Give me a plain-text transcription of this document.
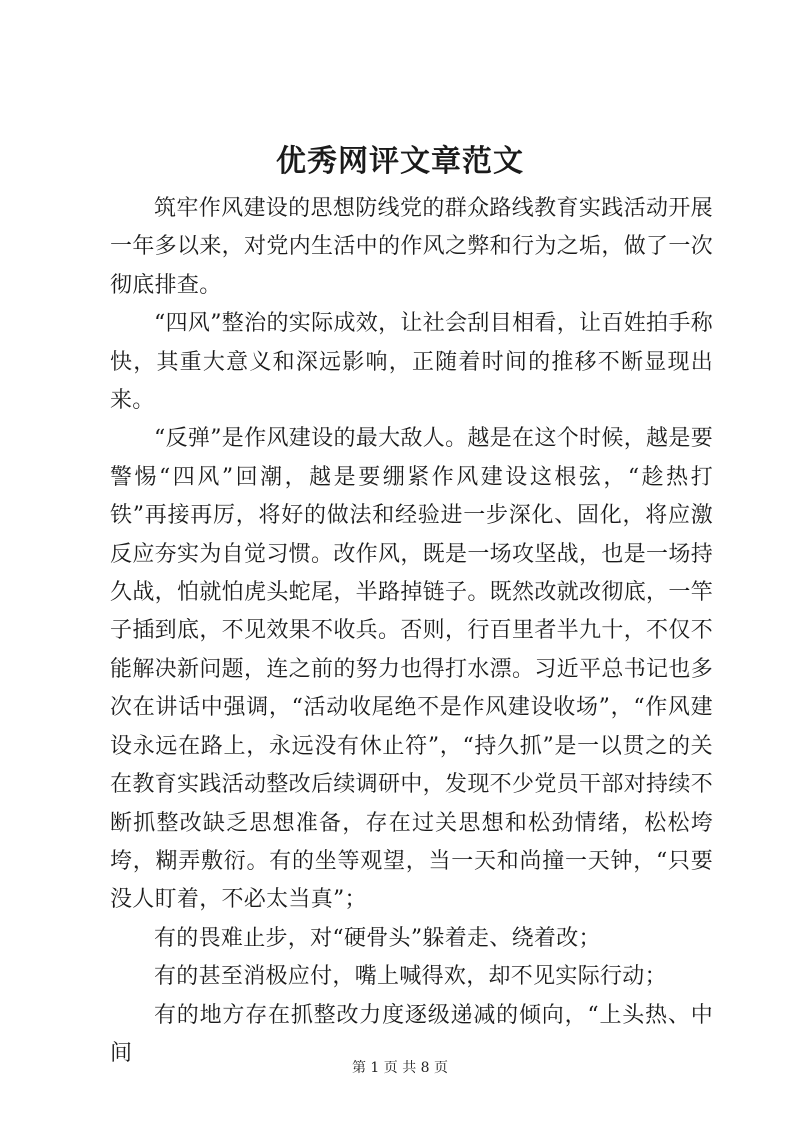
优秀网评文章范文

筑牢作风建设的思想防线党的群众路线教育实践活动开展一年多以来，对党内生活中的作风之弊和行为之垢，做了一次彻底排查。

“四风”整治的实际成效，让社会刮目相看，让百姓拍手称快，其重大意义和深远影响，正随着时间的推移不断显现出来。

“反弹”是作风建设的最大敌人。越是在这个时候，越是要警惕“四风”回潮，越是要绷紧作风建设这根弦，“趁热打铁”再接再厉，将好的做法和经验进一步深化、固化，将应激反应夯实为自觉习惯。改作风，既是一场攻坚战，也是一场持久战，怕就怕虎头蛇尾，半路掉链子。既然改就改彻底，一竿子插到底，不见效果不收兵。否则，行百里者半九十，不仅不能解决新问题，连之前的努力也得打水漂。习近平总书记也多次在讲话中强调，“活动收尾绝不是作风建设收场”，“作风建设永远在路上，永远没有休止符”，“持久抓”是一以贯之的关在教育实践活动整改后续调研中，发现不少党员干部对持续不断抓整改缺乏思想准备，存在过关思想和松劲情绪，松松垮垮，糊弄敷衍。有的坐等观望，当一天和尚撞一天钟，“只要没人盯着，不必太当真”；

有的畏难止步，对“硬骨头”躲着走、绕着改；

有的甚至消极应付，嘴上喊得欢，却不见实际行动；

有的地方存在抓整改力度逐级递减的倾向，“上头热、中间

第 1 页 共 8 页
